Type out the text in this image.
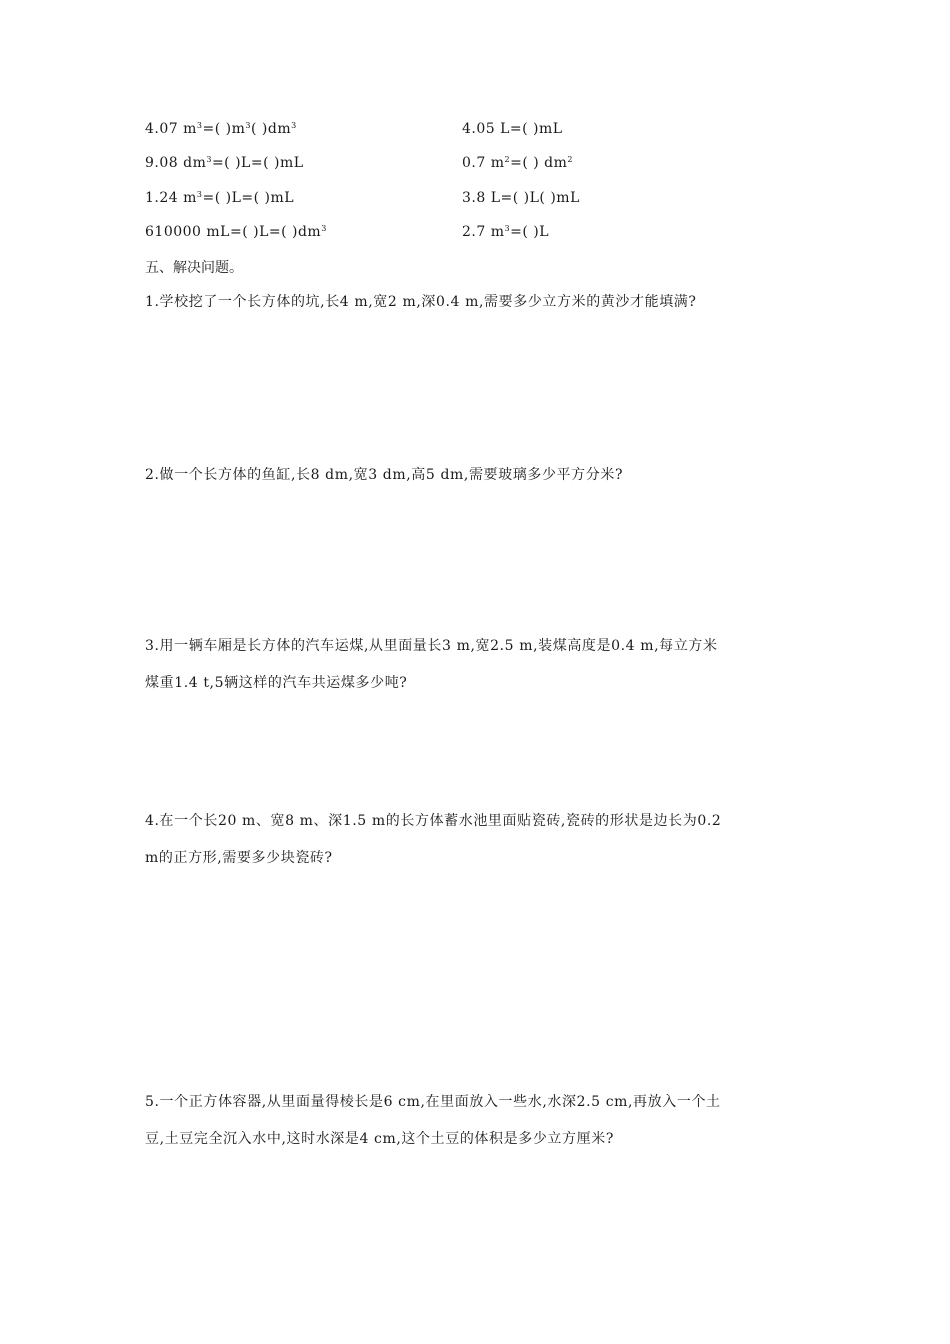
4.07 $m^3=$( )$m^3$( )$dm^3$	4.05 L=( )mL
9.08 $dm^3=$( )L=( )mL	0.7 $m^2=$( ) $dm^2$
1.24 $m^3=$( )L=( )mL	3.8 L=( )L( )mL
610000 mL=( )L=( )$dm^3$	2.7 $m^3=$( )L
五、解决问题。
1.学校挖了一个长方体的坑,长4 m,宽2 m,深0.4 m,需要多少立方米的黄沙才能填满?
2.做一个长方体的鱼缸,长8 dm,宽3 dm,高5 dm,需要玻璃多少平方分米?
3.用一辆车厢是长方体的汽车运煤,从里面量长3 m,宽2.5 m,装煤高度是0.4 m,每立方米
煤重1.4 t,5辆这样的汽车共运煤多少吨?
4.在一个长20 m、宽8 m、深1.5 m的长方体蓄水池里面贴瓷砖,瓷砖的形状是边长为0.2
m的正方形,需要多少块瓷砖?
5.一个正方体容器,从里面量得棱长是6 cm,在里面放入一些水,水深2.5 cm,再放入一个土
豆,土豆完全沉入水中,这时水深是4 cm,这个土豆的体积是多少立方厘米?
